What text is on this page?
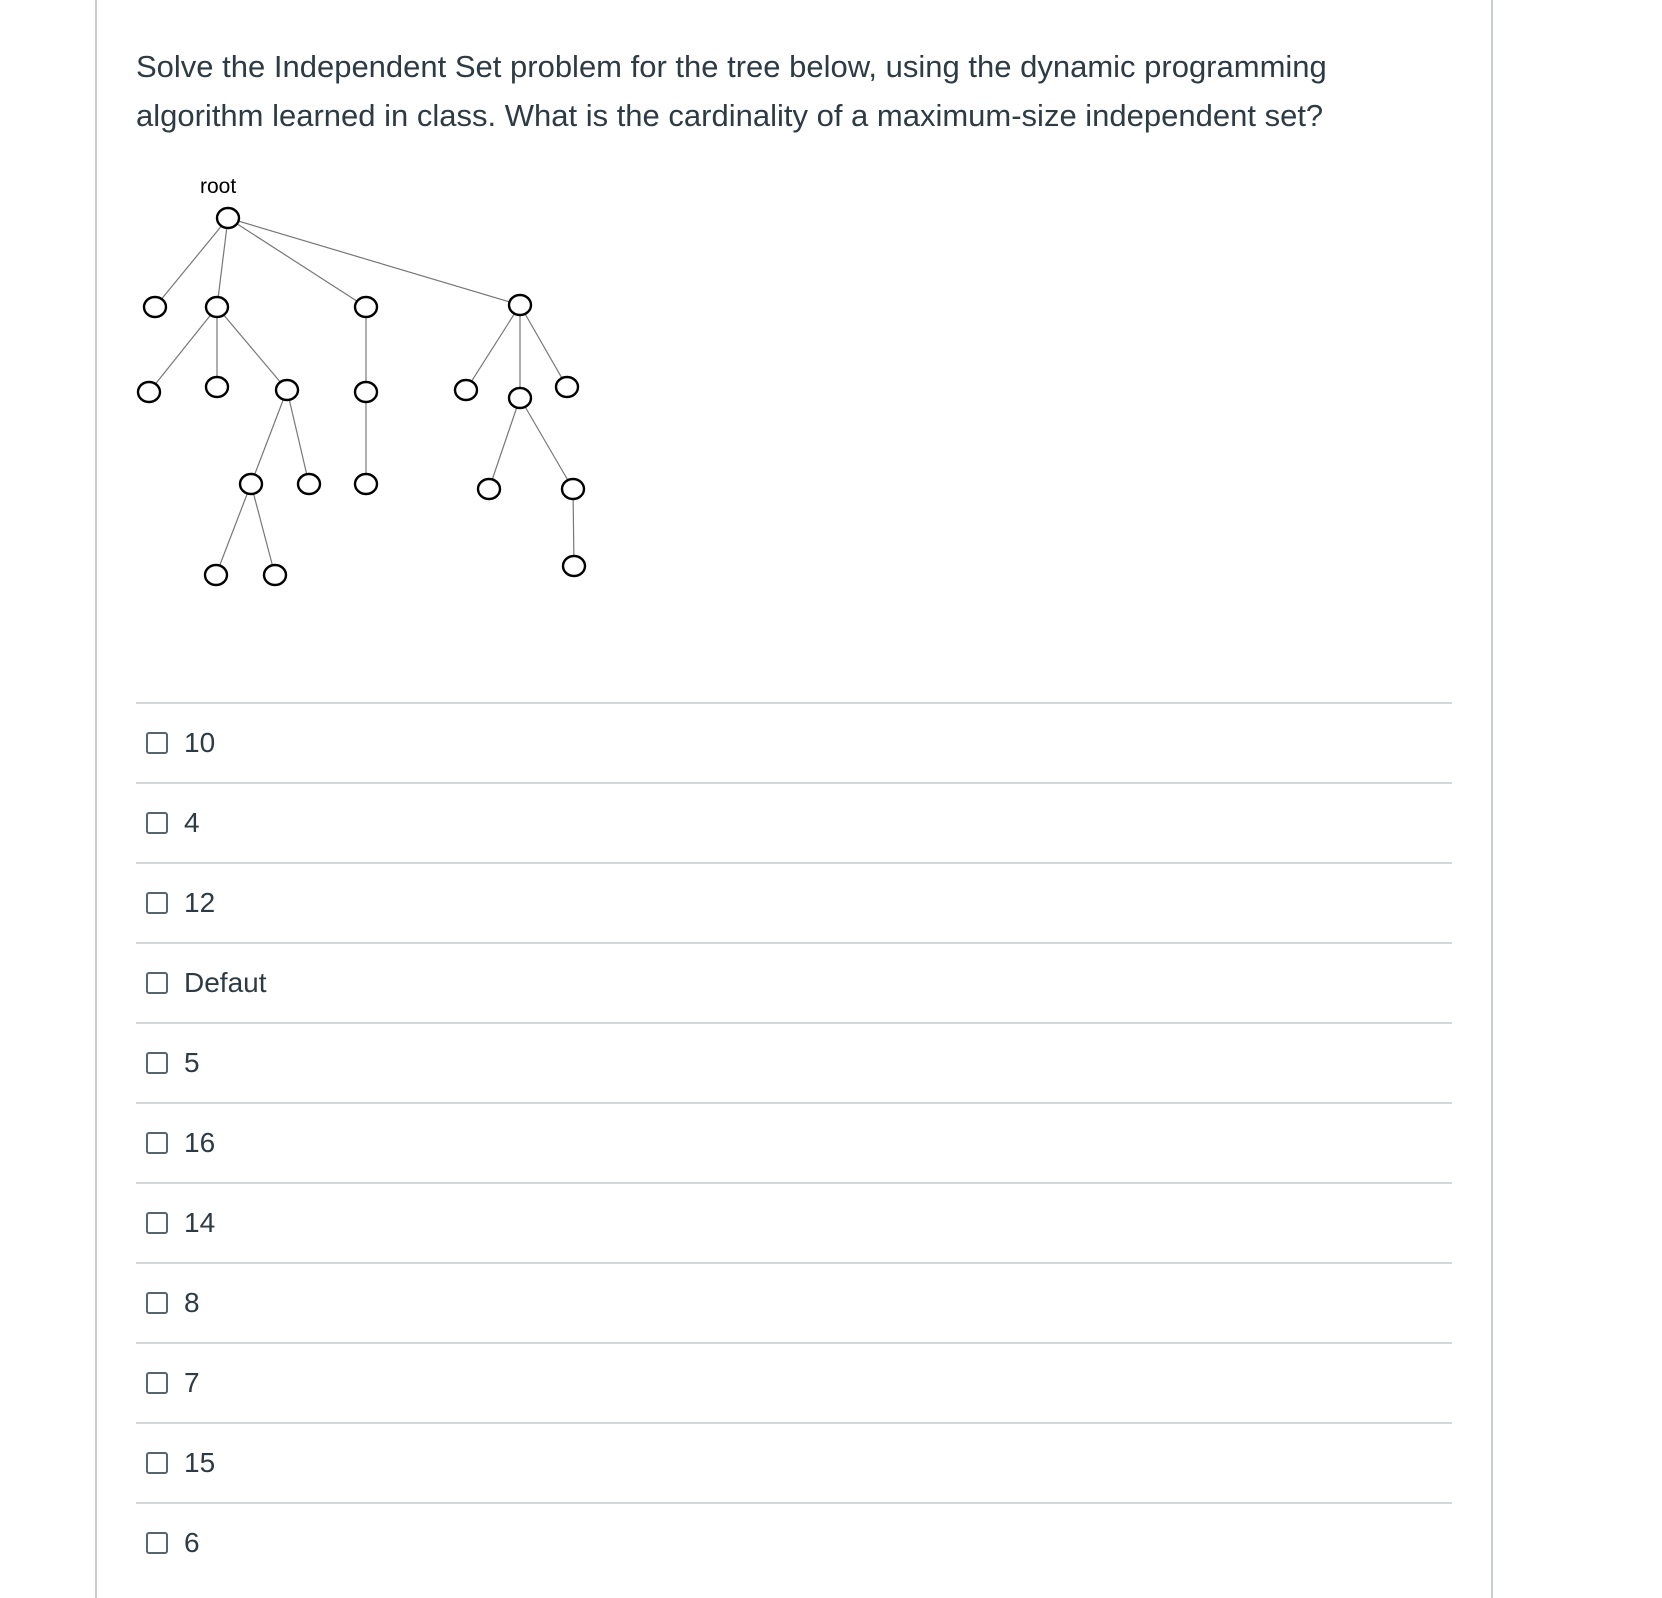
Solve the Independent Set problem for the tree below, using the dynamic programming
algorithm learned in class. What is the cardinality of a maximum-size independent set?

root
10
4
12
Defaut
5
16
14
8
7
15
6
